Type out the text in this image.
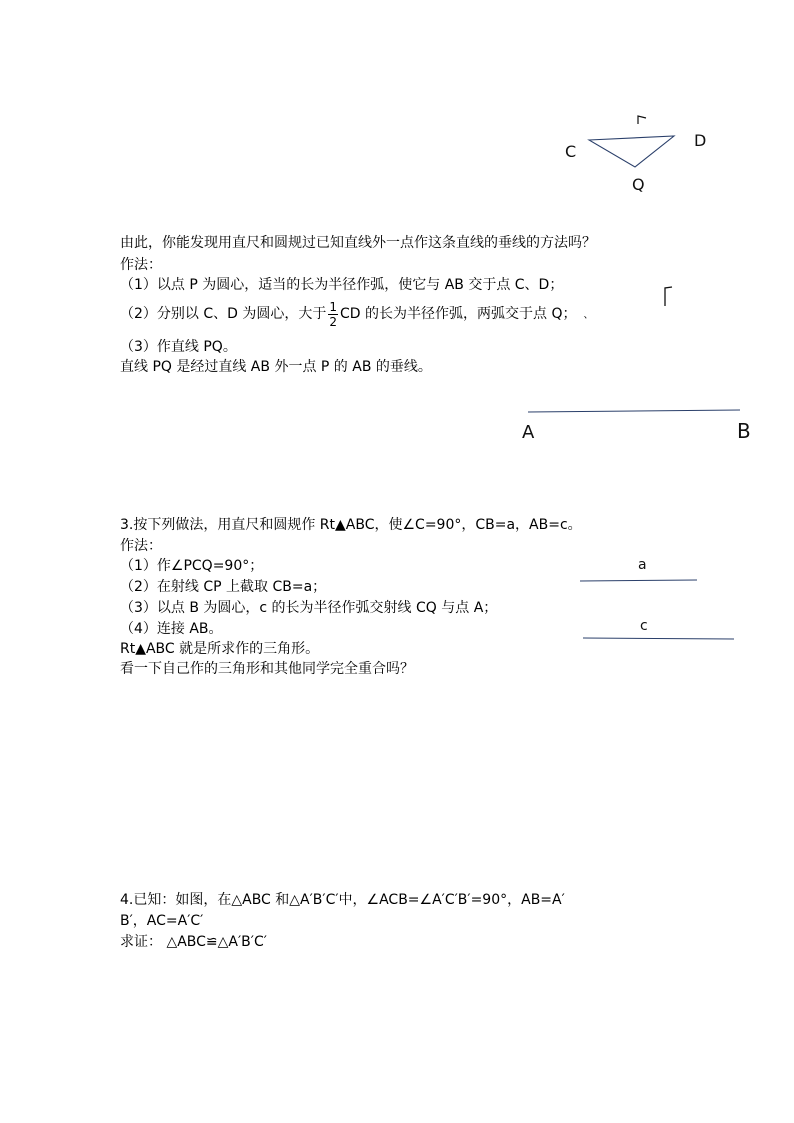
C
D
Q
由此，你能发现用直尺和圆规过已知直线外一点作这条直线的垂线的方法吗？
作法：
（1）以点 P 为圆心，适当的长为半径作弧，使它与 AB 交于点 C、D；
（2）分别以 C、D 为圆心，大于 $\frac{1}{2}$ CD 的长为半径作弧，两弧交于点 Q； 、
（3）作直线 PQ。
直线 PQ 是经过直线 AB 外一点 P 的 AB 的垂线。
A	B
3.按下列做法，用直尺和圆规作 Rt▲ABC，使∠C=90°，CB=a，AB=c。
作法：
（1）作∠PCQ=90°；
（2）在射线 CP 上截取 CB=a；
（3）以点 B 为圆心，c 的长为半径作弧交射线 CQ 与点 A；
（4）连接 AB。
Rt▲ABC 就是所求作的三角形。
看一下自己作的三角形和其他同学完全重合吗？
a
c
4.已知：如图，在△ABC 和△A′B′C′中，∠ACB=∠A′C′B′=90°，AB=A′
B′，AC=A′C′
求证： △ABC≌△A′B′C′
